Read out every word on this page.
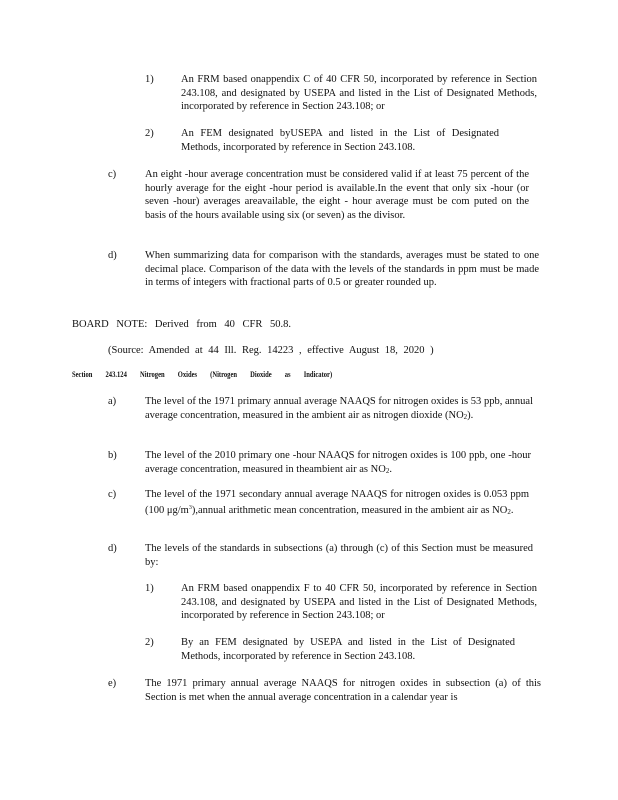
1)	An FRM based onappendix C of 40 CFR 50, incorporated by reference in Section 243.108, and designated by USEPA and listed in the List of Designated Methods, incorporated by reference in Section 243.108; or
2)	An FEM designated byUSEPA and listed in the List of Designated Methods, incorporated by reference in Section 243.108.
c)	An eight -hour average concentration must be considered valid if at least 75 percent of the hourly average for the eight -hour period is available.In the event that only six -hour (or seven -hour) averages areavailable, the eight - hour average must be com puted on the basis of the hours available using six (or seven) as the divisor.
d)	When summarizing data for comparison with the standards, averages must be stated to one decimal place. Comparison of the data with the levels of the standards in ppm must be made in terms of integers with fractional parts of 0.5 or greater rounded up.
BOARD NOTE: Derived from 40 CFR 50.8.
(Source: Amended at 44 Ill. Reg. 14223 , effective August 18, 2020 )
Section 243.124 Nitrogen Oxides (Nitrogen Dioxide as Indicator)
a)	The level of the 1971 primary annual average NAAQS for nitrogen oxides is 53 ppb, annual average concentration, measured in the ambient air as nitrogen dioxide (NO2).
b)	The level of the 2010 primary one -hour NAAQS for nitrogen oxides is 100 ppb, one -hour average concentration, measured in theambient air as NO2.
c)	The level of the 1971 secondary annual average NAAQS for nitrogen oxides is 0.053 ppm (100 $\mu g/m^3),annual$ arithmetic mean concentration, measured in the ambient air as NO2.
d)	The levels of the standards in subsections (a) through (c) of this Section must be measured by:
1)	An FRM based onappendix F to 40 CFR 50, incorporated by reference in Section 243.108, and designated by USEPA and listed in the List of Designated Methods, incorporated by reference in Section 243.108; or
2)	By an FEM designated by USEPA and listed in the List of Designated Methods, incorporated by reference in Section 243.108.
e)	The 1971 primary annual average NAAQS for nitrogen oxides in subsection (a) of this Section is met when the annual average concentration in a calendar year is
